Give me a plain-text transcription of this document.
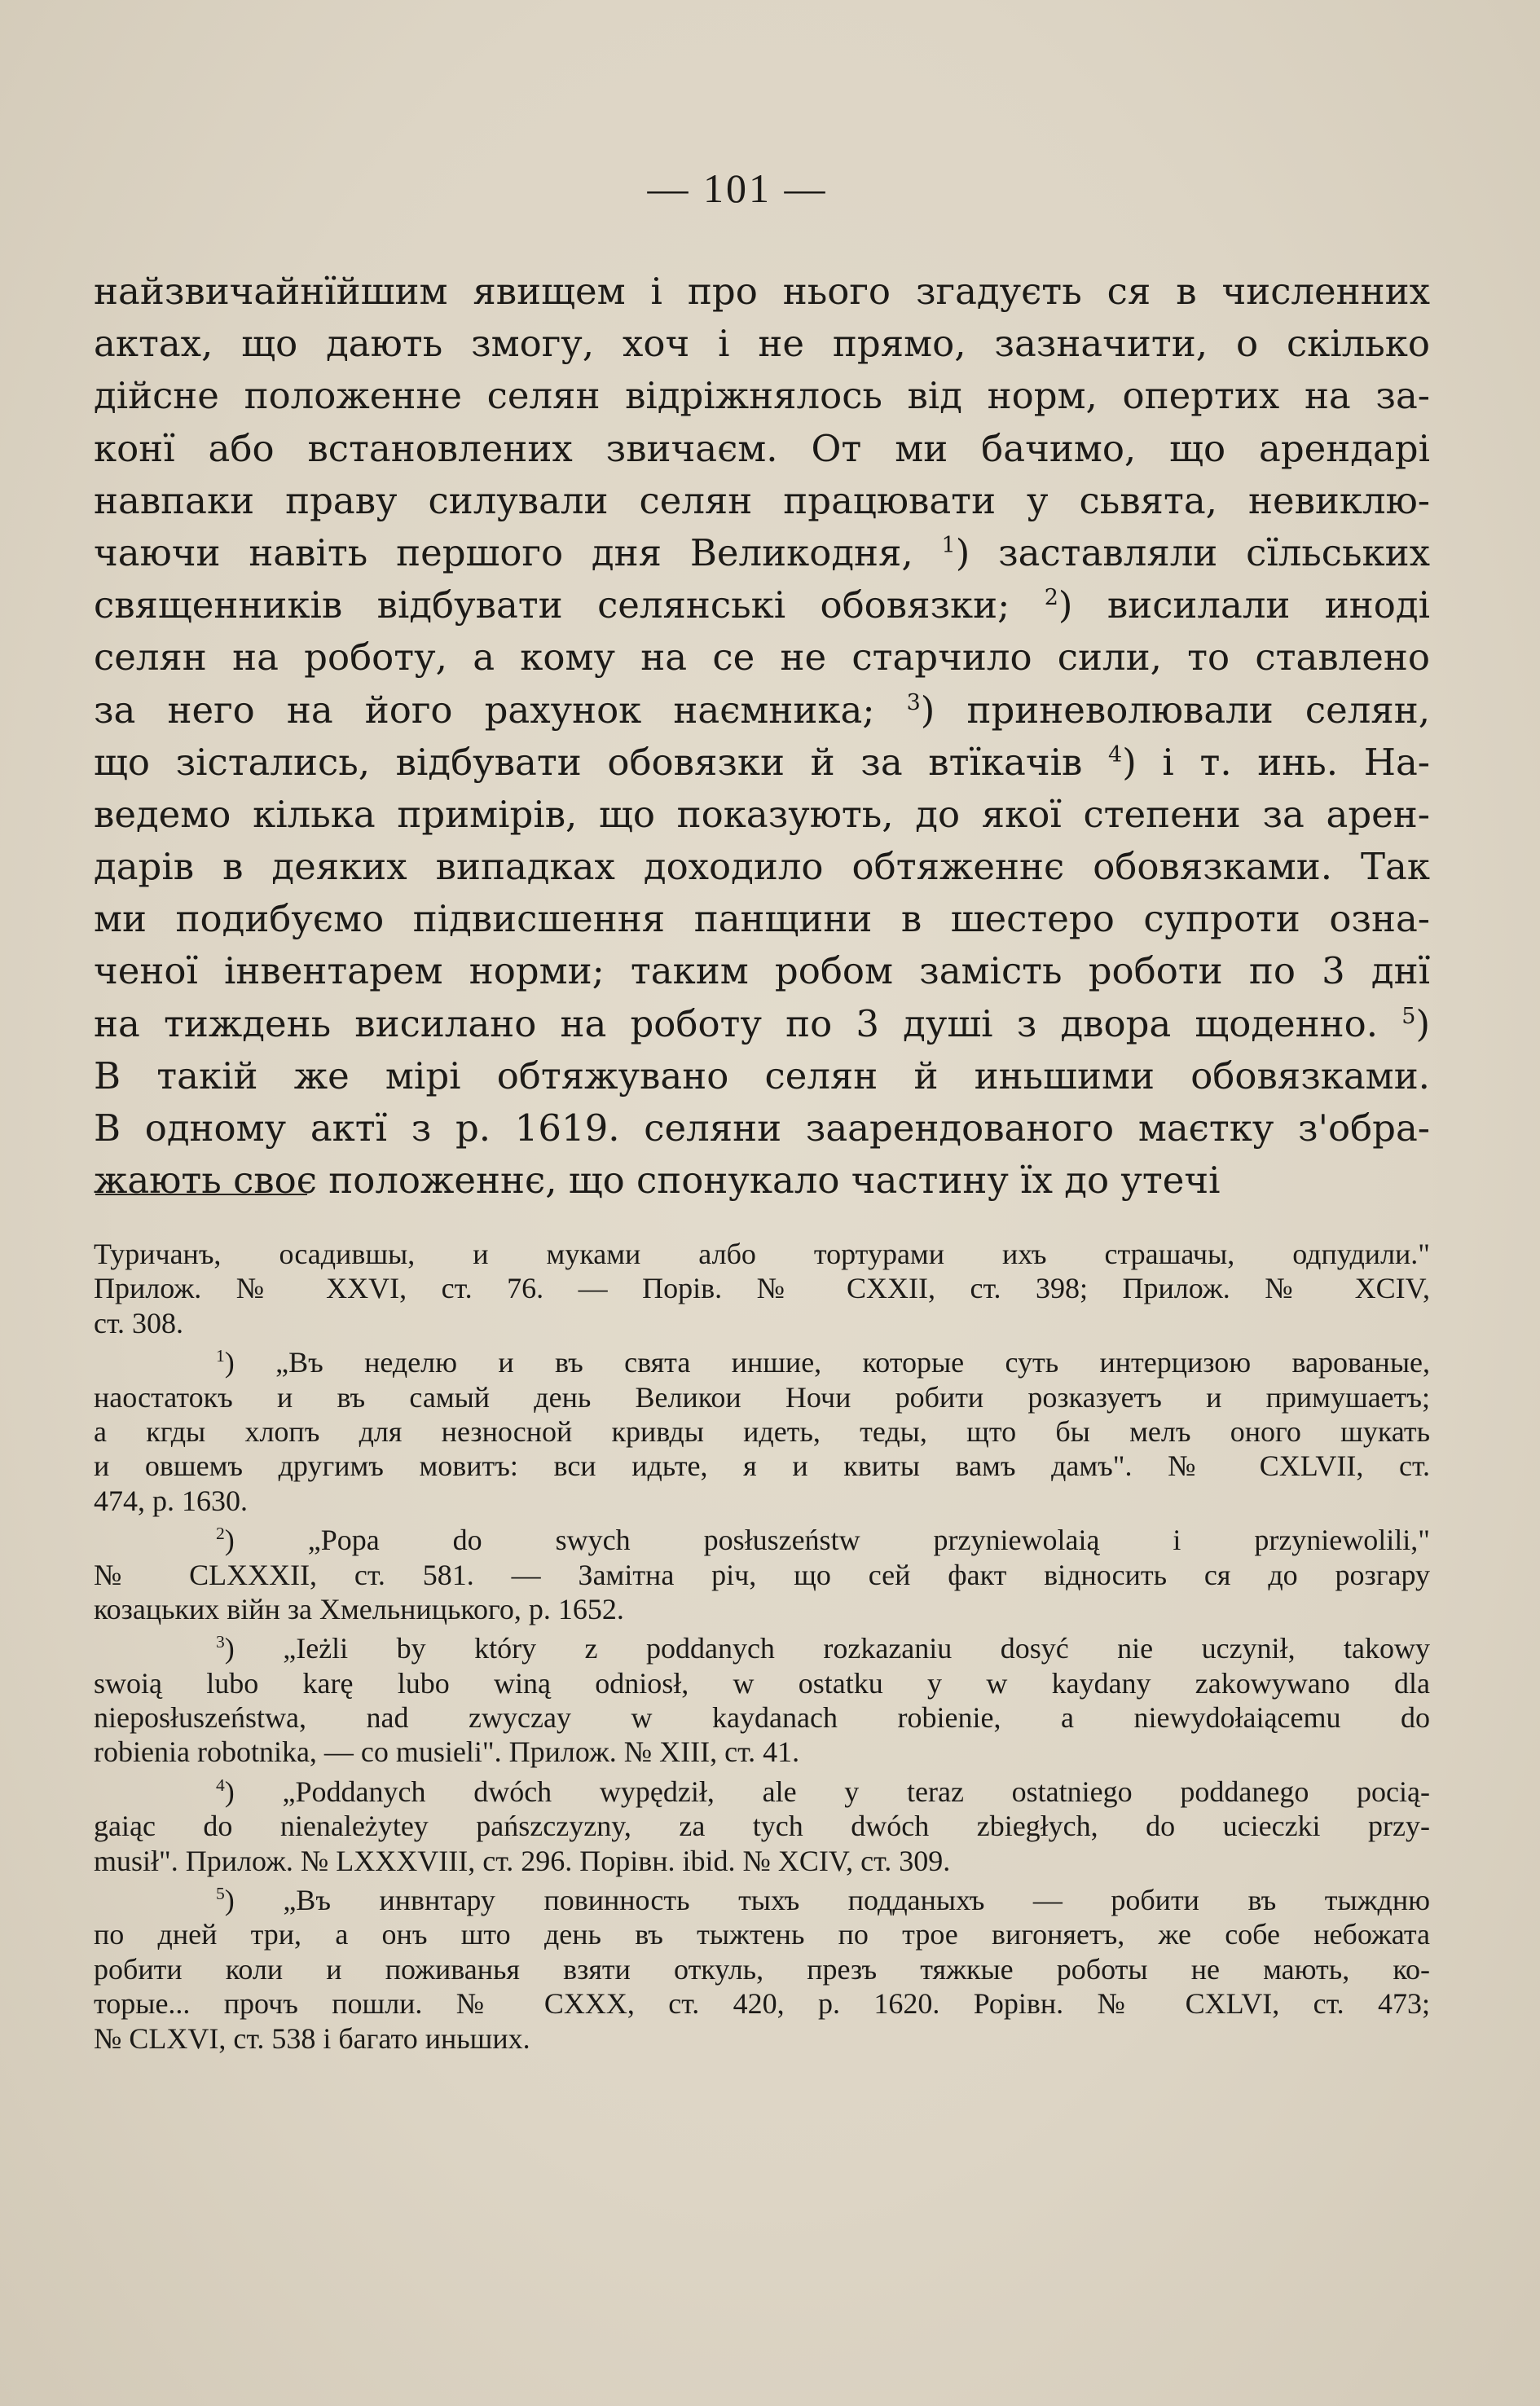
— 101 —
найзвичайнїйшим явищем і про нього згадуєть ся в численних
актах, що дають змогу, хоч і не прямо, зазначити, о скілько
дійсне положенне селян відріжнялось від норм, опертих на за-
конї або встановлених звичаєм. От ми бачимо, що арендарі
навпаки праву силували селян працювати у сьвята, невиклю-
чаючи навіть першого дня Великодня, $^1$) заставляли сїльських
священників відбувати селянські обовязки; $^2$) висилали иноді
селян на роботу, а кому на се не старчило сили, то ставлено
за него на його рахунок наємника; $^3$) приневолювали селян,
що зістались, відбувати обовязки й за втїкачів $^4$) і т. инь. На-
ведемо кілька примірів, що показують, до якої степени за арен-
дарів в деяких випадках доходило обтяженнє обовязками. Так
ми подибуємо підвисшення панщини в шестеро супроти озна-
ченої інвентарем норми; таким робом замість роботи по 3 днї
на тиждень висилано на роботу по 3 душі з двора щоденно. $^5$)
В такій же мірі обтяжувано селян й иньшими обовязками.
В одному актї з р. 1619. селяни заарендованого маєтку з'обра-
жають своє положеннє, що спонукало частину їх до утечі
Туричанъ, осадившы, и муками албо тортурами ихъ страшачы, одпудили."
Прилож. № XXVI, ст. 76. — Порів. № CXXII, ст. 398; Прилож. № XCIV,
ст. 308.
$^1$) „Въ неделю и въ свята иншие, которые суть интерцизою варованые,
наостатокъ и въ самый день Великои Ночи робити розказуетъ и примушаетъ;
а кгды хлопъ для незносной кривды идеть, теды, щто бы мелъ оного шукать
и овшемъ другимъ мовитъ: вси идьте, я и квиты вамъ дамъ". № CXLVII, ст.
474, р. 1630.
$^2$) „Popa do swych posłuszeństw przyniewolaią i przyniewolili,"
№ CLXXXII, ст. 581. — Замітна річ, що сей факт відносить ся до розгару
козацьких війн за Хмельницького, р. 1652.
$^3$) „Ieżli by który z poddanych rozkazaniu dosyć nie uczynił, takowy
swoią lubo karę lubo winą odniosł, w ostatku y w kaydany zakowywano dla
nieposłuszeństwa, nad zwyczay w kaydanach robienie, a niewydołaiącemu do
robienia robotnika, — co musieli". Прилож. № XIII, ст. 41.
$^4$) „Poddanych dwóch wypędził, ale y teraz ostatniego poddanego pocią-
gaiąc do nienależytey pańszczyzny, za tych dwóch zbiegłych, do ucieczki przy-
musił". Прилож. № LXXXVIII, ст. 296. Порівн. ibid. № XCIV, ст. 309.
$^5$) „Въ инвнтару повинность тыхъ подданыхъ — робити въ тыждню
по дней три, а онъ што день въ тыжтень по трое вигоняетъ, же собе небожата
робити коли и поживанья взяти откуль, презъ тяжкые роботы не мають, ко-
торые... прочъ пошли. № CXXX, ст. 420, р. 1620. Рорівн. № CXLVI, ст. 473;
№ CLXVI, ст. 538 і багато иньших.
